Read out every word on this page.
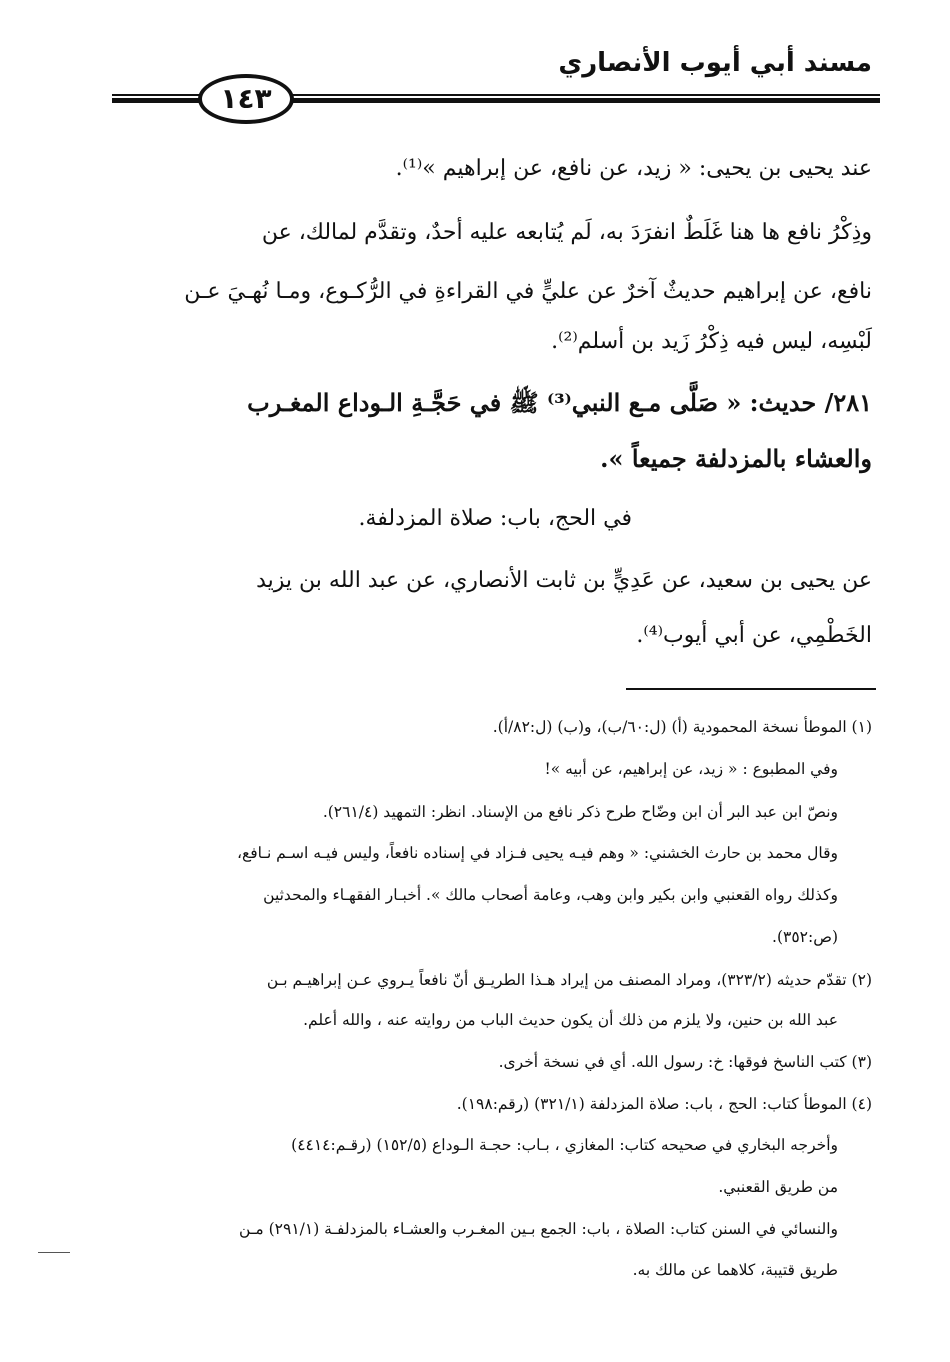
مسند أبي أيوب الأنصاري
١٤٣
عند يحيى بن يحيى: « زيد، عن نافع، عن إبراهيم »⁽¹⁾.
وذِكْرُ نافع ها هنا غَلَطٌ انفرَدَ به، لَم يُتابعه عليه أحدٌ، وتقدَّم لمالك، عن
نافع، عن إبراهيم حديثٌ آخرٌ عن عليٍّ في القراءةِ في الرُّكـوع، ومـا نُهـيَ عـن
لَبْسِه، ليس فيه ذِكْرُ زَيد بن أسلم⁽²⁾.
٢٨١/ حديث: « صَلَّى مـع النبي⁽³⁾ ﷺ في حَجَّـةِ الـوداع المغـرب
والعشاء بالمزدلفة جميعاً ».
في الحج، باب: صلاة المزدلفة.
عن يحيى بن سعيد، عن عَدِيٍّ بن ثابت الأنصاري، عن عبد الله بن يزيد
الخَطْمِي، عن أبي أيوب⁽⁴⁾.
(١) الموطأ نسخة المحمودية (أ) (ل:٦٠/ب)، و(ب) (ل:٨٢/أ).
وفي المطبوع : « زيد، عن إبراهيم، عن أبيه »!
ونصّ ابن عبد البر أن ابن وضّاح طرح ذكر نافع من الإسناد. انظر: التمهيد (٢٦١/٤).
وقال محمد بن حارث الخشني: « وهم فيـه يحيى فـزاد في إسناده نافعاً، وليس فيـه اسـم نـافع،
وكذلك رواه القعنبي وابن بكير وابن وهب، وعامة أصحاب مالك ». أخبـار الفقهـاء والمحدثين
(ص:٣٥٢).
(٢) تقدّم حديثه (٣٢٣/٢)، ومراد المصنف من إيراد هـذا الطريـق أنّ نافعاً يـروي عـن إبراهيـم بـن
عبد الله بن حنين، ولا يلزم من ذلك أن يكون حديث الباب من روايته عنه ، والله أعلم.
(٣) كتب الناسخ فوقها: خ: رسول الله. أي في نسخة أخرى.
(٤) الموطأ كتاب: الحج ، باب: صلاة المزدلفة (٣٢١/١) (رقم:١٩٨).
وأخرجه البخاري في صحيحه كتاب: المغازي ، بـاب: حجـة الـوداع (١٥٢/٥) (رقـم:٤٤١٤)
من طريق القعنبي.
والنسائي في السنن كتاب: الصلاة ، باب: الجمع بـين المغـرب والعشـاء بالمزدلفـة (٢٩١/١) مـن
طريق قتيبة، كلاهما عن مالك به.
